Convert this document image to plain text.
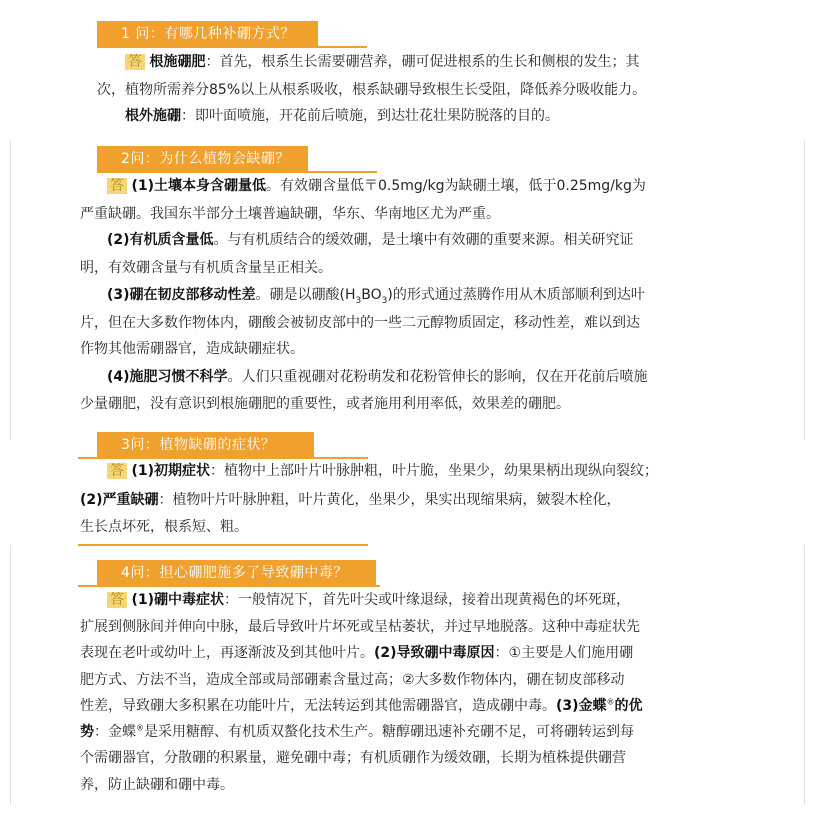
1 问：有哪几种补硼方式？
答 根施硼肥：首先，根系生长需要硼营养，硼可促进根系的生长和侧根的发生；其
次，植物所需养分85%以上从根系吸收，根系缺硼导致根生长受阻，降低养分吸收能力。
根外施硼：即叶面喷施，开花前后喷施，到达壮花壮果防脱落的目的。
2问：为什么植物会缺硼？
答 (1)土壤本身含硼量低。有效硼含量低〒0.5mg/kg为缺硼土壤，低于0.25mg/kg为
严重缺硼。我国东半部分土壤普遍缺硼，华东、华南地区尤为严重。
(2)有机质含量低。与有机质结合的缓效硼，是土壤中有效硼的重要来源。相关研究证
明，有效硼含量与有机质含量呈正相关。
(3)硼在韧皮部移动性差。硼是以硼酸$(H_3BO_3)$的形式通过蒸腾作用从木质部顺利到达叶
片，但在大多数作物体内，硼酸会被韧皮部中的一些二元醇物质固定，移动性差，难以到达
作物其他需硼器官，造成缺硼症状。
(4)施肥习惯不科学。人们只重视硼对花粉萌发和花粉管伸长的影响，仅在开花前后喷施
少量硼肥，没有意识到根施硼肥的重要性，或者施用利用率低，效果差的硼肥。
3问：植物缺硼的症状？
答 (1)初期症状：植物中上部叶片叶脉肿粗，叶片脆，坐果少，幼果果柄出现纵向裂纹；
(2)严重缺硼：植物叶片叶脉肿粗，叶片黄化，坐果少，果实出现缩果病，皴裂木栓化，
生长点坏死，根系短、粗。
4问：担心硼肥施多了导致硼中毒？
答 (1)硼中毒症状：一般情况下，首先叶尖或叶缘退绿，接着出现黄褐色的坏死斑，
扩展到侧脉间并伸向中脉，最后导致叶片坏死或呈枯萎状，并过早地脱落。这种中毒症状先
表现在老叶或幼叶上，再逐渐波及到其他叶片。(2)导致硼中毒原因：①主要是人们施用硼
肥方式、方法不当，造成全部或局部硼素含量过高；②大多数作物体内，硼在韧皮部移动
性差，导致硼大多积累在功能叶片，无法转运到其他需硼器官，造成硼中毒。(3)金蝶®的优
势：金蝶®是采用糖醇、有机质双螯化技术生产。糖醇硼迅速补充硼不足，可将硼转运到每
个需硼器官，分散硼的积累量，避免硼中毒；有机质硼作为缓效硼，长期为植株提供硼营
养，防止缺硼和硼中毒。
